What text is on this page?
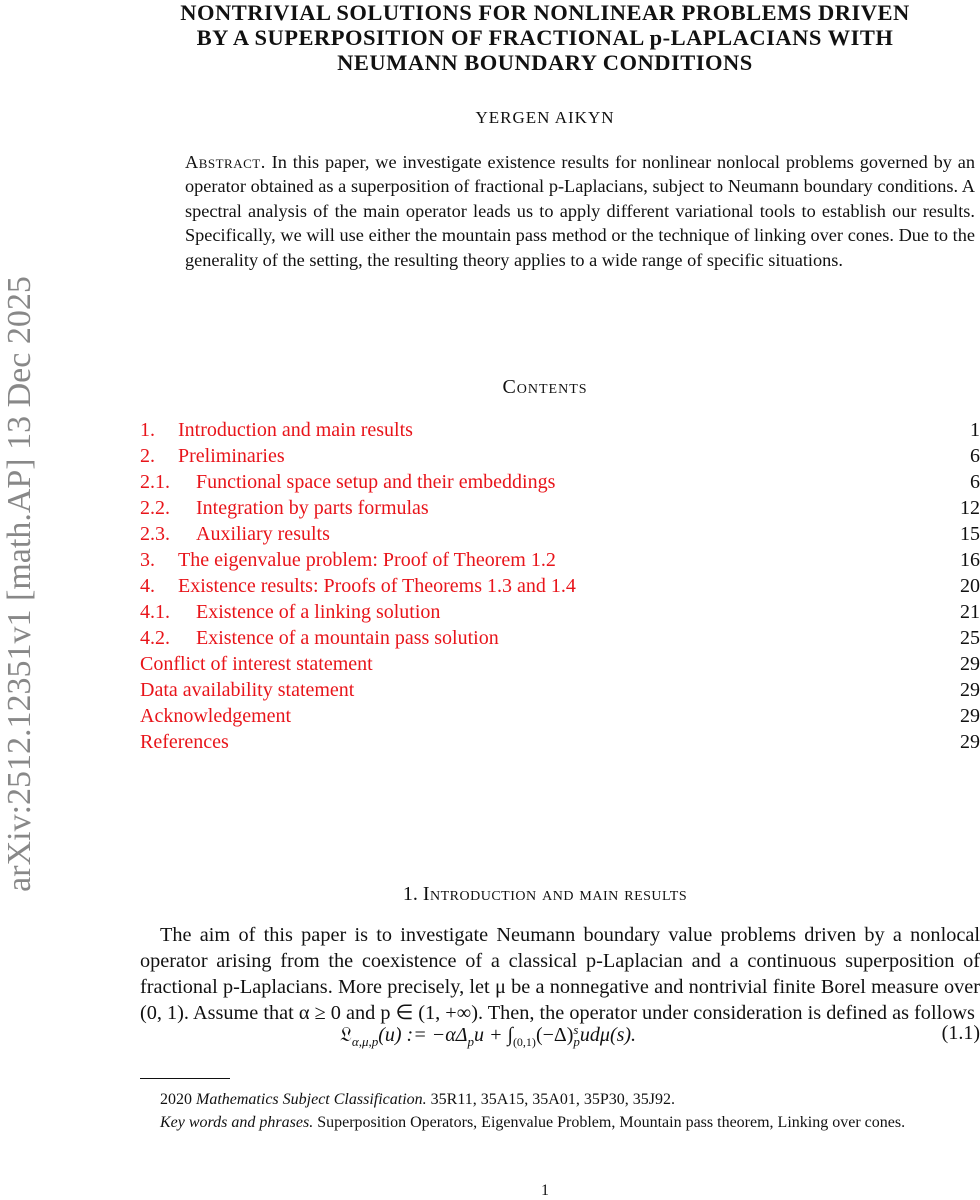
arXiv:2512.12351v1 [math.AP] 13 Dec 2025
NONTRIVIAL SOLUTIONS FOR NONLINEAR PROBLEMS DRIVEN
BY A SUPERPOSITION OF FRACTIONAL p-LAPLACIANS WITH
NEUMANN BOUNDARY CONDITIONS
YERGEN AIKYN
Abstract. In this paper, we investigate existence results for nonlinear nonlocal problems governed by an operator obtained as a superposition of fractional p-Laplacians, subject to Neumann boundary conditions. A spectral analysis of the main operator leads us to apply different variational tools to establish our results. Specifically, we will use either the mountain pass method or the technique of linking over cones. Due to the generality of the setting, the resulting theory applies to a wide range of specific situations.
Contents
1. Introduction and main results	1
2. Preliminaries	6
2.1. Functional space setup and their embeddings	6
2.2. Integration by parts formulas	12
2.3. Auxiliary results	15
3. The eigenvalue problem: Proof of Theorem 1.2	16
4. Existence results: Proofs of Theorems 1.3 and 1.4	20
4.1. Existence of a linking solution	21
4.2. Existence of a mountain pass solution	25
Conflict of interest statement	29
Data availability statement	29
Acknowledgement	29
References	29
1. Introduction and main results
The aim of this paper is to investigate Neumann boundary value problems driven by a nonlocal operator arising from the coexistence of a classical p-Laplacian and a continuous superposition of fractional p-Laplacians. More precisely, let μ be a nonnegative and nontrivial finite Borel measure over (0, 1). Assume that α ≥ 0 and p ∈ (1, +∞). Then, the operator under consideration is defined as follows
𝔏$_{\alpha,\mu,p}$(u) := $-\alpha\Delta_pu + \int_{(0,1)}(-\Delta)$ s
p udμ(s).	(1.1)
2020 Mathematics Subject Classification. 35R11, 35A15, 35A01, 35P30, 35J92.
Key words and phrases. Superposition Operators, Eigenvalue Problem, Mountain pass theorem, Linking over cones.
1
